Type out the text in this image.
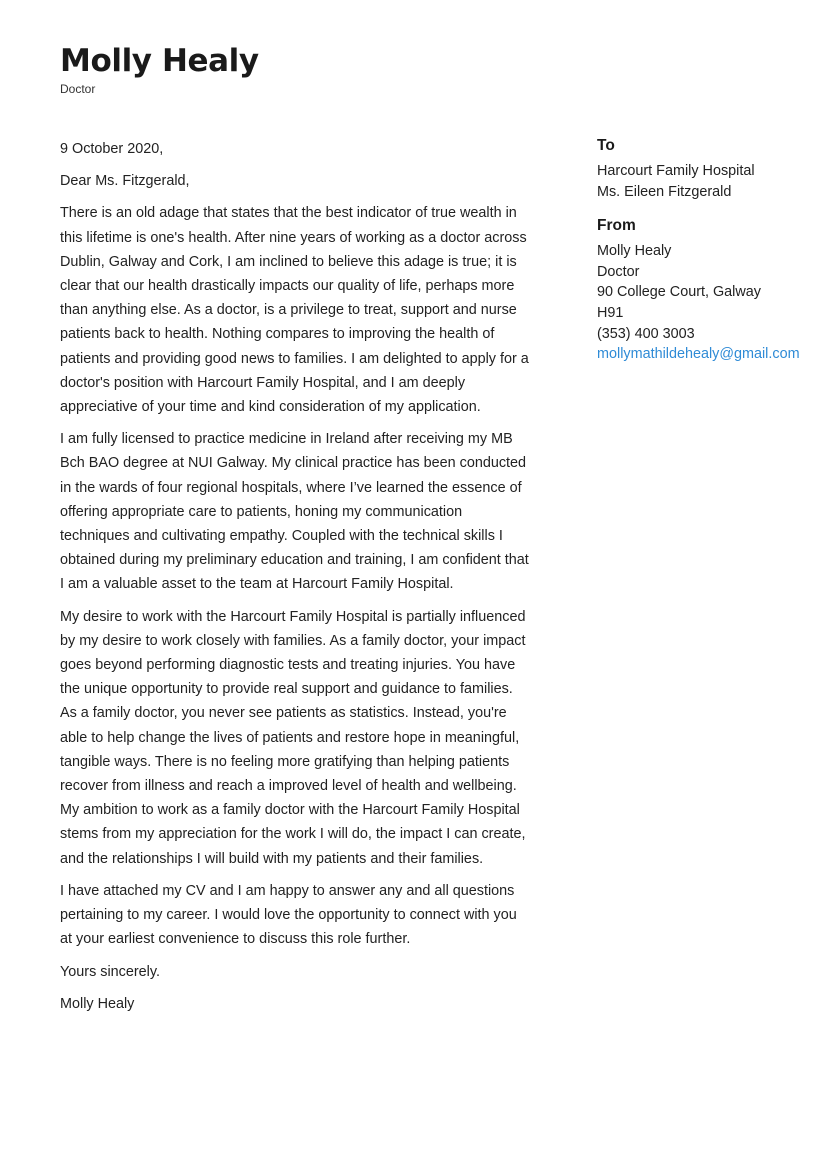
Molly Healy
Doctor

9 October 2020,

Dear Ms. Fitzgerald,

There is an old adage that states that the best indicator of true wealth in this lifetime is one's health. After nine years of working as a doctor across Dublin, Galway and Cork, I am inclined to believe this adage is true; it is clear that our health drastically impacts our quality of life, perhaps more than anything else. As a doctor, is a privilege to treat, support and nurse patients back to health. Nothing compares to improving the health of patients and providing good news to families. I am delighted to apply for a doctor's position with Harcourt Family Hospital, and I am deeply appreciative of your time and kind consideration of my application.

I am fully licensed to practice medicine in Ireland after receiving my MB Bch BAO degree at NUI Galway. My clinical practice has been conducted in the wards of four regional hospitals, where I’ve learned the essence of offering appropriate care to patients, honing my communication techniques and cultivating empathy. Coupled with the technical skills I obtained during my preliminary education and training, I am confident that I am a valuable asset to the team at Harcourt Family Hospital.

My desire to work with the Harcourt Family Hospital is partially influenced by my desire to work closely with families. As a family doctor, your impact goes beyond performing diagnostic tests and treating injuries. You have the unique opportunity to provide real support and guidance to families. As a family doctor, you never see patients as statistics. Instead, you're able to help change the lives of patients and restore hope in meaningful, tangible ways. There is no feeling more gratifying than helping patients recover from illness and reach a improved level of health and wellbeing. My ambition to work as a family doctor with the Harcourt Family Hospital stems from my appreciation for the work I will do, the impact I can create, and the relationships I will build with my patients and their families.

I have attached my CV and I am happy to answer any and all questions pertaining to my career. I would love the opportunity to connect with you at your earliest convenience to discuss this role further.

Yours sincerely.

Molly Healy

To
Harcourt Family Hospital
Ms. Eileen Fitzgerald
From
Molly Healy
Doctor
90 College Court, Galway
H91
(353) 400 3003
mollymathildehealy@gmail.com
